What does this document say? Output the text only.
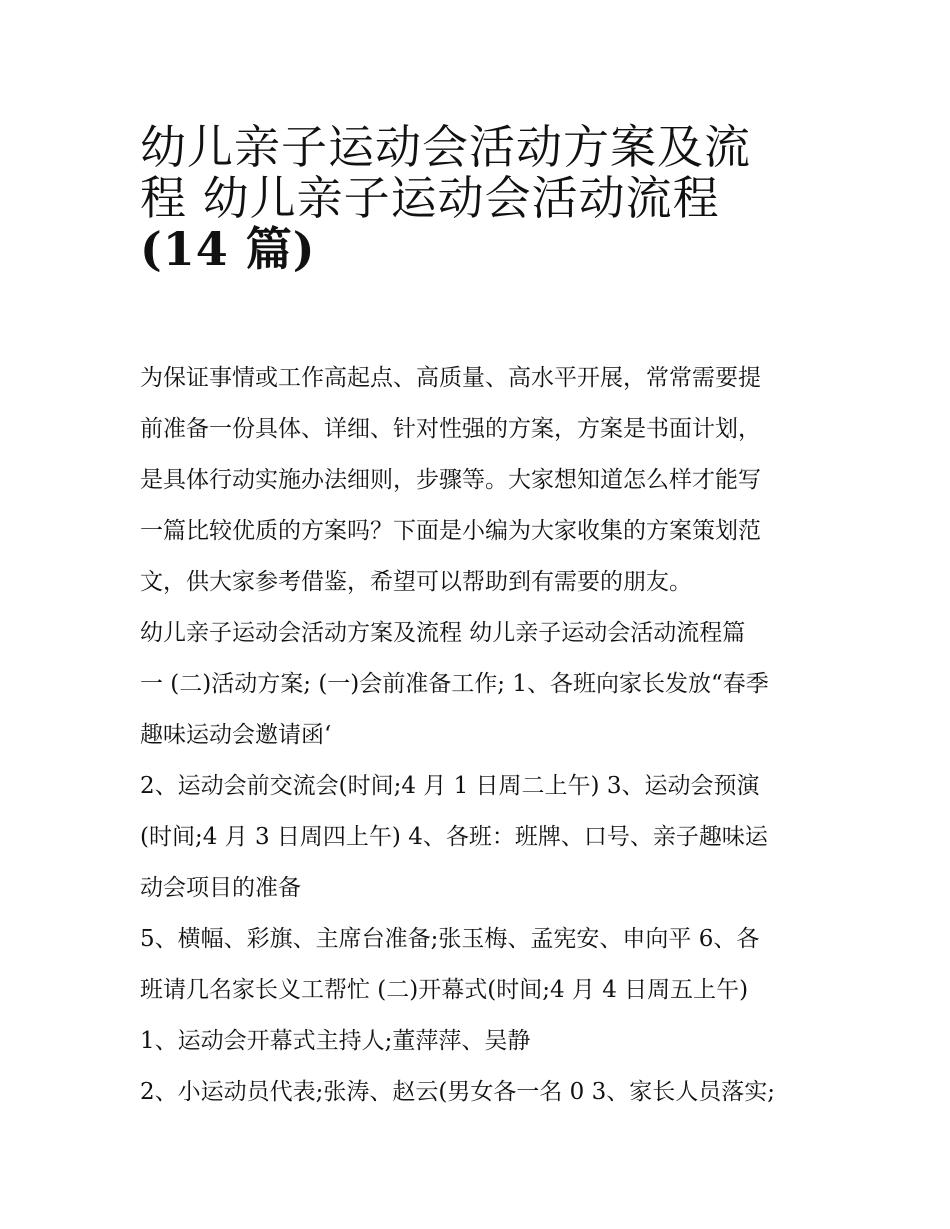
幼儿亲子运动会活动方案及流
程 幼儿亲子运动会活动流程
(14 篇)
为保证事情或工作高起点、高质量、高水平开展，常常需要提
前准备一份具体、详细、针对性强的方案，方案是书面计划，
是具体行动实施办法细则，步骤等。大家想知道怎么样才能写
一篇比较优质的方案吗？下面是小编为大家收集的方案策划范
文，供大家参考借鉴，希望可以帮助到有需要的朋友。
幼儿亲子运动会活动方案及流程 幼儿亲子运动会活动流程篇
一 (二)活动方案; (一)会前准备工作; 1、各班向家长发放“春季
趣味运动会邀请函‘
2、运动会前交流会(时间;4 月 1 日周二上午) 3、运动会预演
(时间;4 月 3 日周四上午) 4、各班：班牌、口号、亲子趣味运
动会项目的准备
5、横幅、彩旗、主席台准备;张玉梅、孟宪安、申向平 6、各
班请几名家长义工帮忙 (二)开幕式(时间;4 月 4 日周五上午)
1、运动会开幕式主持人;董萍萍、吴静
2、小运动员代表;张涛、赵云(男女各一名 0 3、家长人员落实;
